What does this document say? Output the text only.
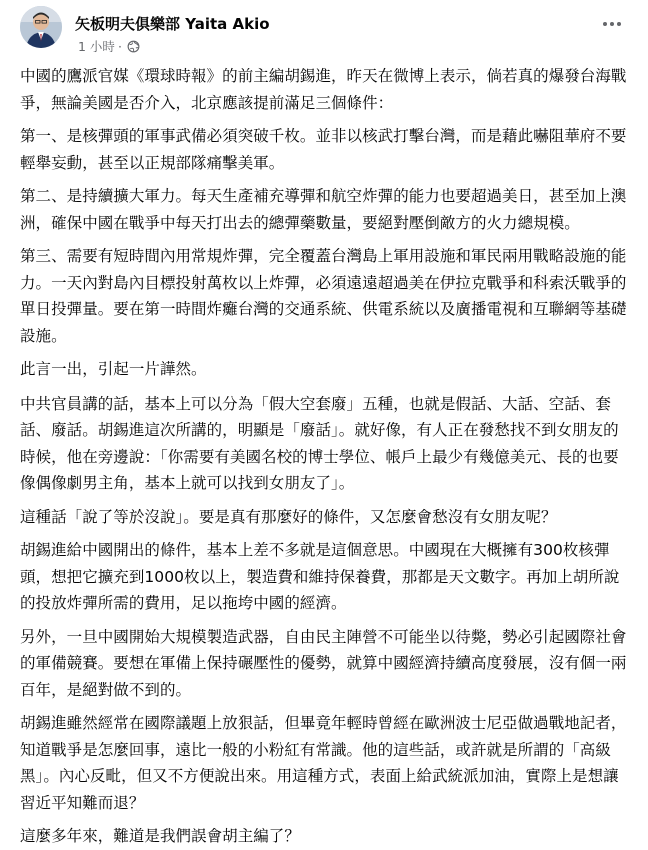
矢板明夫俱樂部 Yaita Akio
1 小時 ·

中國的鷹派官媒《環球時報》的前主編胡錫進，昨天在微博上表示，倘若真的爆發台海戰爭，無論美國是否介入，北京應該提前滿足三個條件：

第一、是核彈頭的軍事武備必須突破千枚。並非以核武打擊台灣，而是藉此嚇阻華府不要輕舉妄動，甚至以正規部隊痛擊美軍。

第二、是持續擴大軍力。每天生產補充導彈和航空炸彈的能力也要超過美日，甚至加上澳洲，確保中國在戰爭中每天打出去的總彈藥數量，要絕對壓倒敵方的火力總規模。

第三、需要有短時間內用常規炸彈，完全覆蓋台灣島上軍用設施和軍民兩用戰略設施的能力。一天內對島內目標投射萬枚以上炸彈，必須遠遠超過美在伊拉克戰爭和科索沃戰爭的單日投彈量。要在第一時間炸癱台灣的交通系統、供電系統以及廣播電視和互聯網等基礎設施。

此言一出，引起一片譁然。

中共官員講的話，基本上可以分為「假大空套廢」五種，也就是假話、大話、空話、套話、廢話。胡錫進這次所講的，明顯是「廢話」。就好像，有人正在發愁找不到女朋友的時候，他在旁邊說：「你需要有美國名校的博士學位、帳戶上最少有幾億美元、長的也要像偶像劇男主角，基本上就可以找到女朋友了」。

這種話「說了等於沒說」。要是真有那麼好的條件，又怎麼會愁沒有女朋友呢？

胡錫進給中國開出的條件，基本上差不多就是這個意思。中國現在大概擁有300枚核彈頭，想把它擴充到1000枚以上，製造費和維持保養費，那都是天文數字。再加上胡所說的投放炸彈所需的費用，足以拖垮中國的經濟。

另外，一旦中國開始大規模製造武器，自由民主陣營不可能坐以待斃，勢必引起國際社會的軍備競賽。要想在軍備上保持碾壓性的優勢，就算中國經濟持續高度發展，沒有個一兩百年，是絕對做不到的。

胡錫進雖然經常在國際議題上放狠話，但畢竟年輕時曾經在歐洲波士尼亞做過戰地記者，知道戰爭是怎麼回事，遠比一般的小粉紅有常識。他的這些話，或許就是所謂的「高級黑」。內心反毗，但又不方便說出來。用這種方式，表面上給武統派加油，實際上是想讓習近平知難而退？

這麼多年來，難道是我們誤會胡主編了？
